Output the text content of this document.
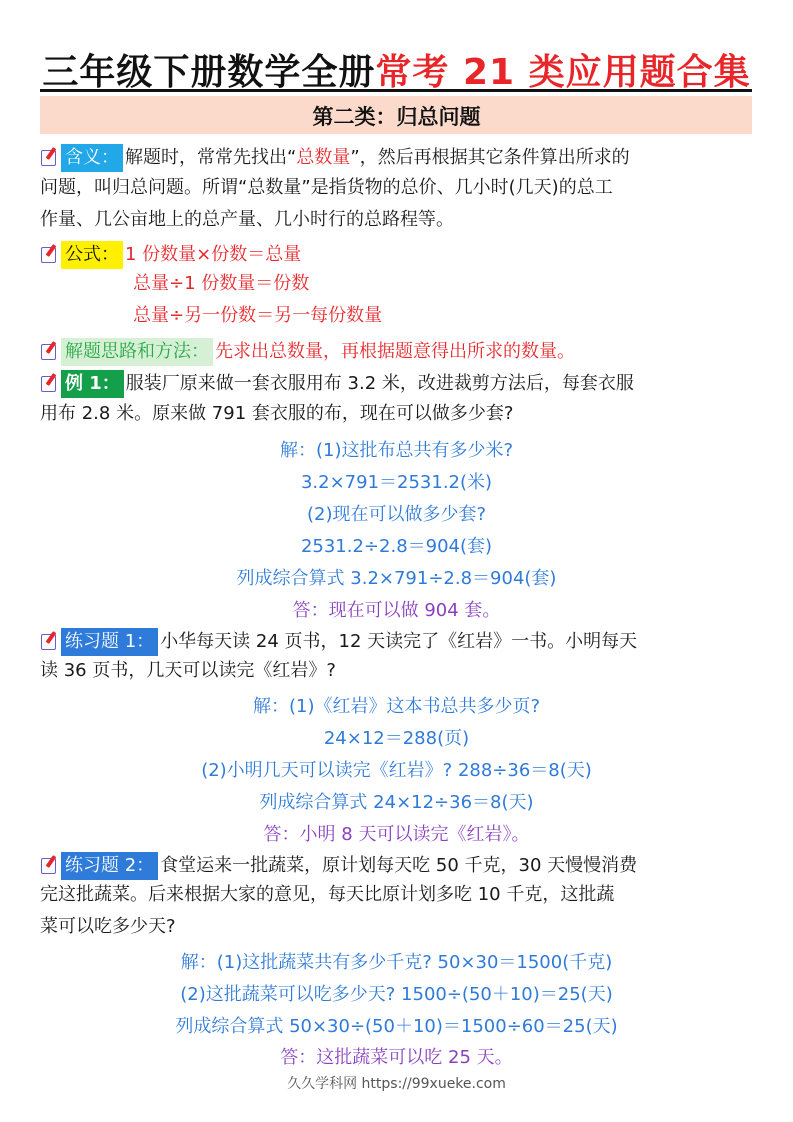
三年级下册数学全册常考 21 类应用题合集
第二类：归总问题
含义： 解题时，常常先找出“总数量”，然后再根据其它条件算出所求的
问题，叫归总问题。所谓“总数量”是指货物的总价、几小时(几天)的总工
作量、几公亩地上的总产量、几小时行的总路程等。
公式： 1 份数量×份数＝总量
总量÷1 份数量＝份数
总量÷另一份数＝另一每份数量
解题思路和方法： 先求出总数量，再根据题意得出所求的数量。
例 1： 服装厂原来做一套衣服用布 3.2 米，改进裁剪方法后，每套衣服
用布 2.8 米。原来做 791 套衣服的布，现在可以做多少套?
解：(1)这批布总共有多少米?
3.2×791＝2531.2(米)
(2)现在可以做多少套?
2531.2÷2.8＝904(套)
列成综合算式 3.2×791÷2.8＝904(套)
答：现在可以做 904 套。
练习题 1： 小华每天读 24 页书，12 天读完了《红岩》一书。小明每天
读 36 页书，几天可以读完《红岩》?
解：(1)《红岩》这本书总共多少页?
24×12＝288(页)
(2)小明几天可以读完《红岩》? 288÷36＝8(天)
列成综合算式 24×12÷36＝8(天)
答：小明 8 天可以读完《红岩》。
练习题 2： 食堂运来一批蔬菜，原计划每天吃 50 千克，30 天慢慢消费
完这批蔬菜。后来根据大家的意见，每天比原计划多吃 10 千克，这批蔬
菜可以吃多少天?
解：(1)这批蔬菜共有多少千克? 50×30＝1500(千克)
(2)这批蔬菜可以吃多少天? 1500÷(50＋10)＝25(天)
列成综合算式 50×30÷(50＋10)＝1500÷60＝25(天)
答：这批蔬菜可以吃 25 天。
久久学科网 https://99xueke.com
